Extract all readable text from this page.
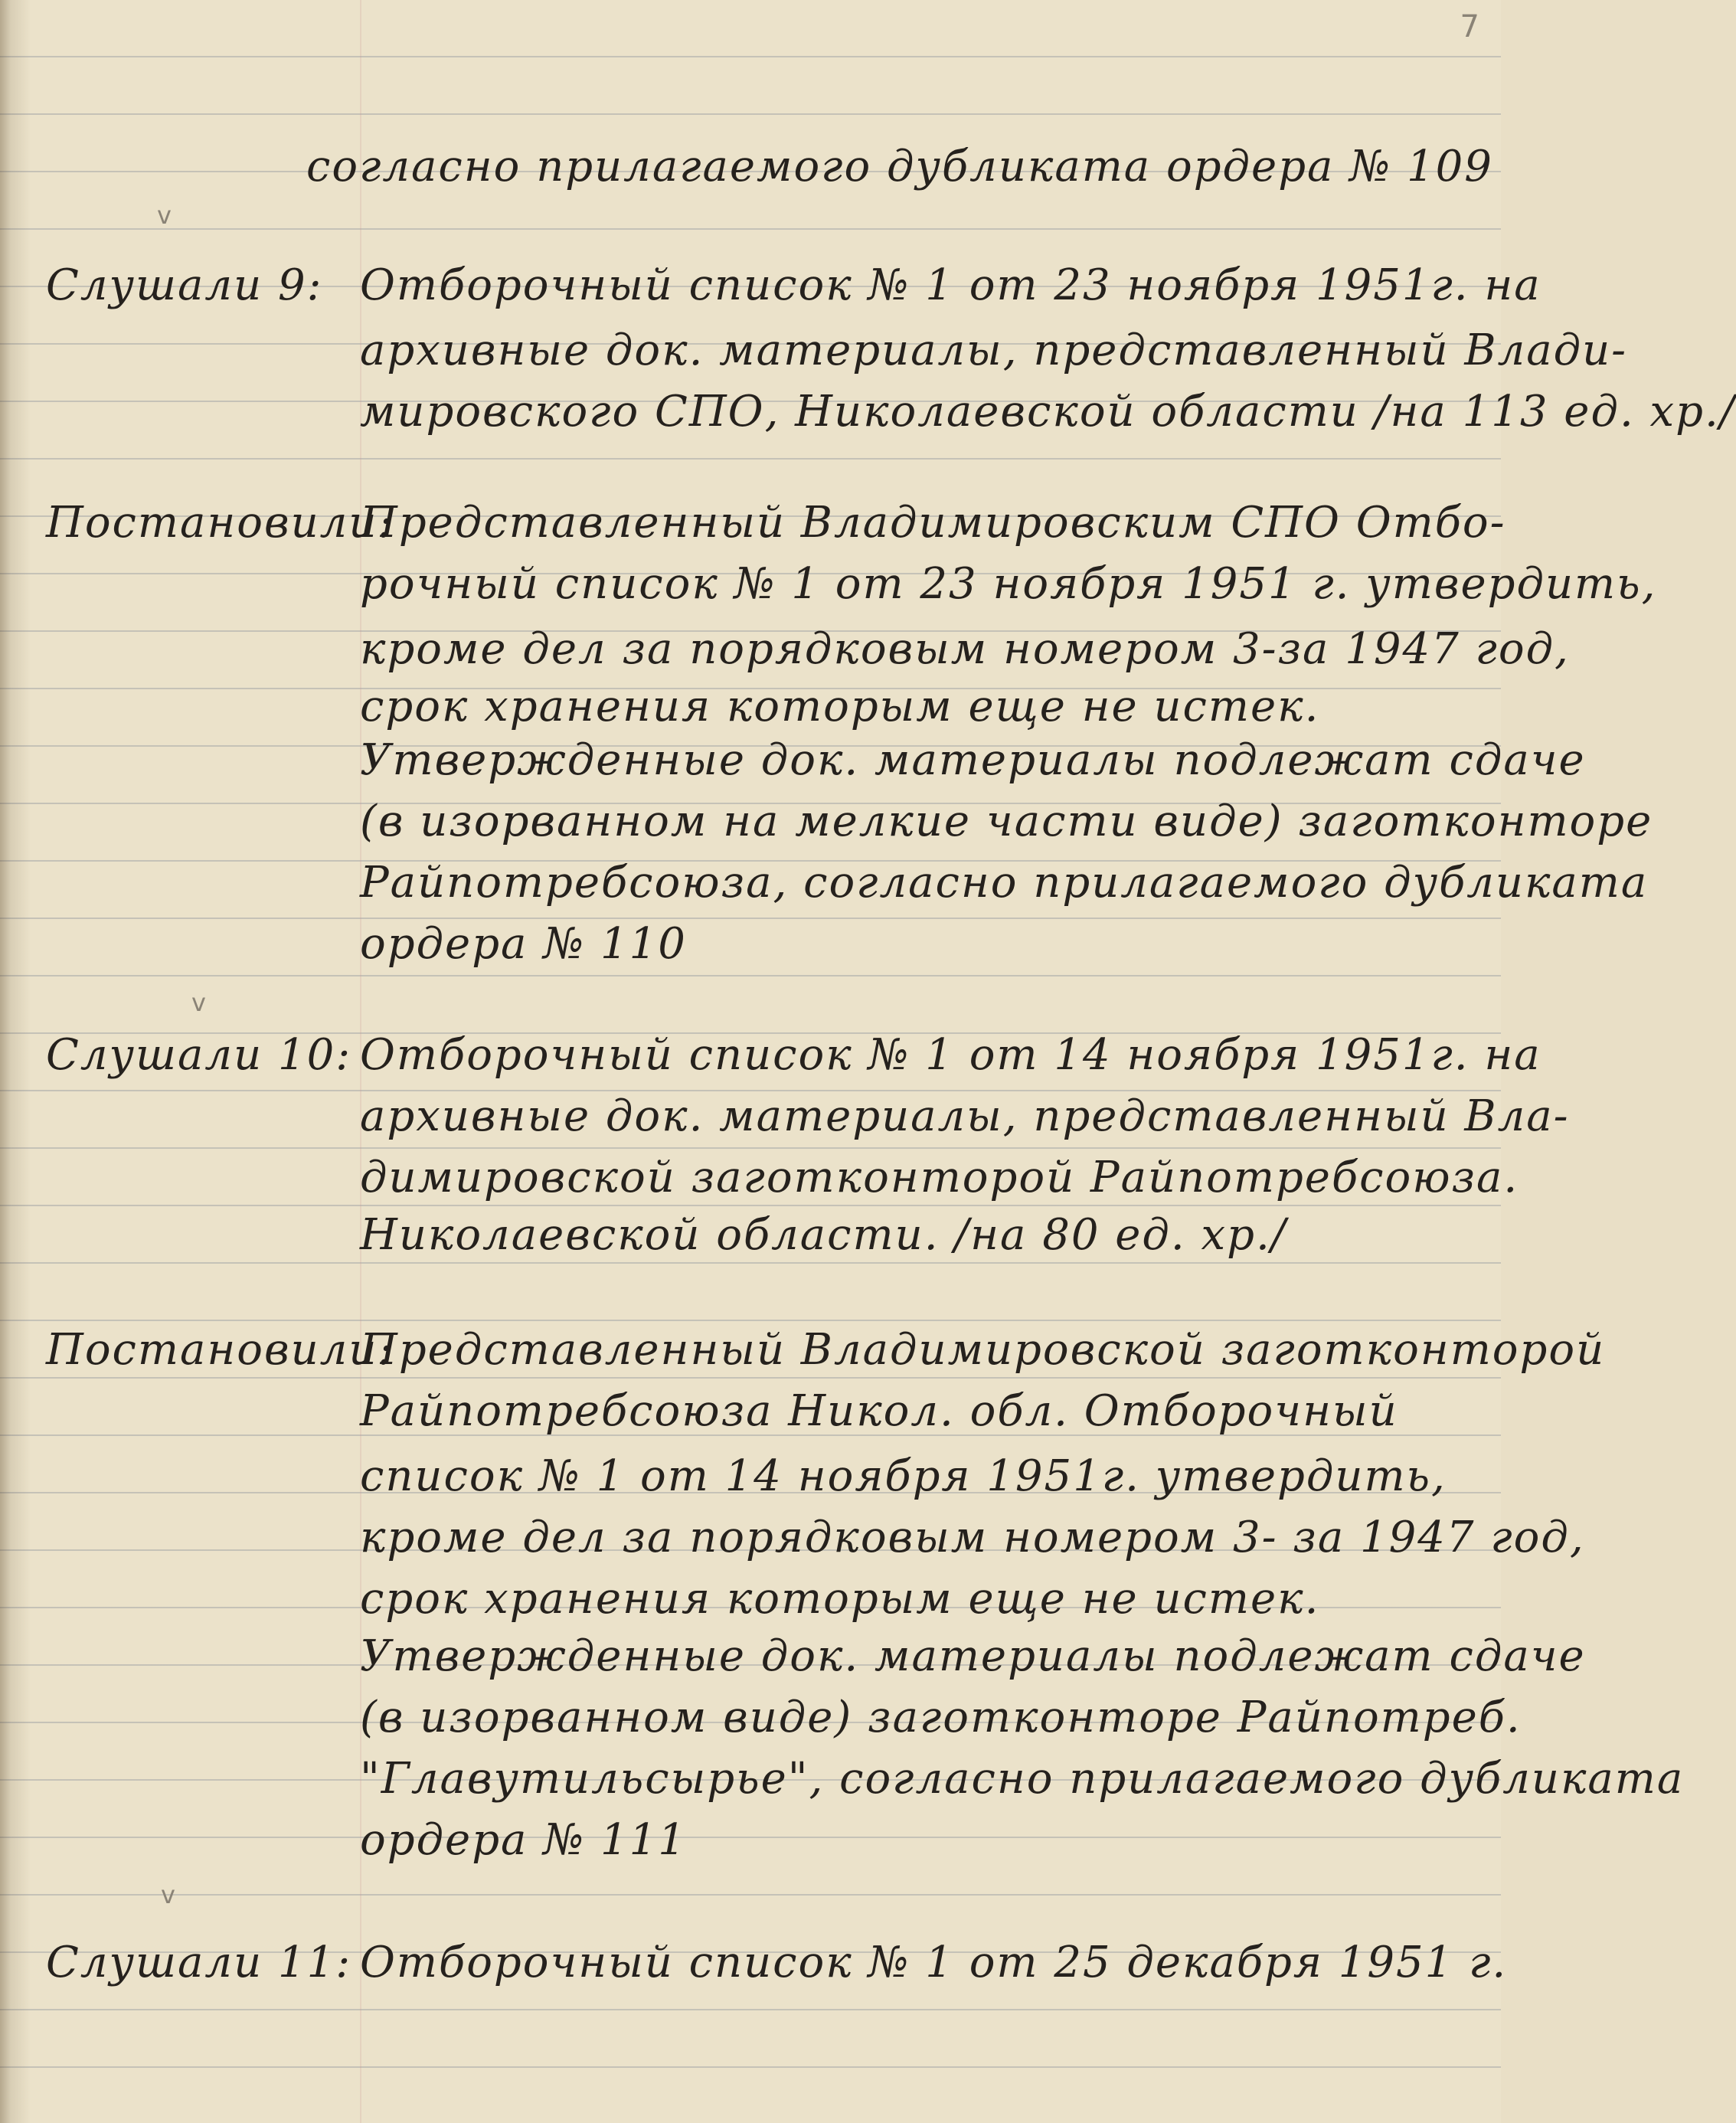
7
v
v
v
согласно прилагаемого дубликата ордера № 109
Слушали 9: Отборочный список № 1 от 23 ноября 1951г. на
архивные док. материалы, представленный Влади-
мировского СПО, Николаевской области /на 113 ед. хр./
Постановили:
Представленный Владимировским СПО Отбо-
рочный список № 1 от 23 ноября 1951 г. утвердить,
кроме дел за порядковым номером 3-за 1947 год,
срок хранения которым еще не истек.
Утвержденные док. материалы подлежат сдаче
(в изорванном на мелкие части виде) заготконторе
Райпотребсоюза, согласно прилагаемого дубликата
ордера № 110
Слушали 10: Отборочный список № 1 от 14 ноября 1951г. на
архивные док. материалы, представленный Вла-
димировской заготконторой Райпотребсоюза.
Николаевской области. /на 80 ед. хр./
Постановили:
Представленный Владимировской заготконторой
Райпотребсоюза Никол. обл. Отборочный
список № 1 от 14 ноября 1951г. утвердить,
кроме дел за порядковым номером 3- за 1947 год,
срок хранения которым еще не истек.
Утвержденные док. материалы подлежат сдаче
(в изорванном виде) заготконторе Райпотреб.
"Главутильсырье", согласно прилагаемого дубликата
ордера № 111
Слушали 11: Отборочный список № 1 от 25 декабря 1951 г.
